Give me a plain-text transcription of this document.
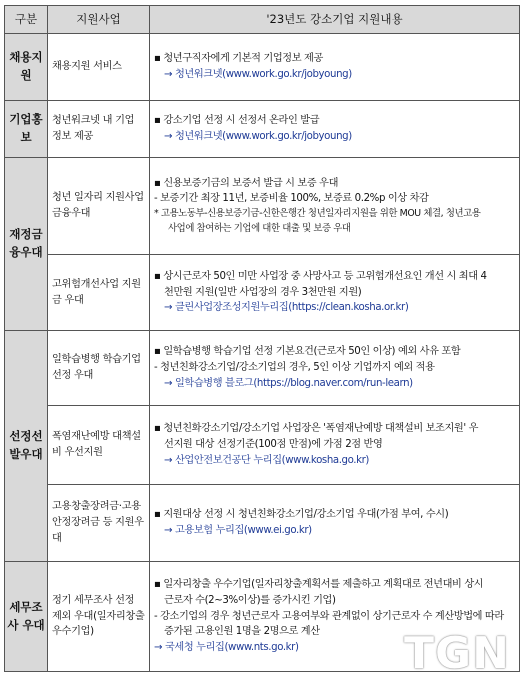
구분	지원사업	'23년도 강소기업 지원내용
채용지원	채용지원 서비스	▪ 청년구직자에게 기본적 기업정보 제공
→ 청년워크넷(www.work.go.kr/jobyoung)

기업홍보	청년워크넷 내 기업 정보 제공	▪ 강소기업 선정 시 선정서 온라인 발급
→ 청년워크넷(www.work.go.kr/jobyoung)

재정금융우대	청년 일자리 지원사업 금융우대	▪ 신용보증기금의 보증서 발급 시 보증 우대
- 보증기간 최장 11년, 보증비율 100%, 보증료 0.2%p 이상 차감
* 고용노동부-신용보증기금-신한은행간 청년일자리지원을 위한 MOU 체결, 청년고용
사업에 참여하는 기업에 대한 대출 및 보증 우대

	고위험개선사업 지원금 우대	▪ 상시근로자 50인 미만 사업장 중 사망사고 등 고위험개선요인 개선 시 최대 4
천만원 지원(일반 사업장의 경우 3천만원 지원)
→ 클린사업장조성지원누리집(https://clean.kosha.or.kr)

선정선발우대	일학습병행 학습기업 선정 우대	▪ 일학습병행 학습기업 선정 기본요건(근로자 50인 이상) 예외 사유 포함
- 청년친화강소기업/강소기업의 경우, 5인 이상 기업까지 예외 적용
→ 일학습병행 블로그(https://blog.naver.com/run-learn)

	폭염재난예방 대책설비 우선지원	▪ 청년친화강소기업/강소기업 사업장은 '폭염재난예방 대책설비 보조지원' 우
선지원 대상 선정기준(100점 만점)에 가점 2점 반영
→ 산업안전보건공단 누리집(www.kosha.go.kr)

	고용창출장려금·고용안정장려금 등 지원우대	▪ 지원대상 선정 시 청년친화강소기업/강소기업 우대(가점 부여, 수시)
→ 고용보험 누리집(www.ei.go.kr)

세무조사 우대	정기 세무조사 선정 제외 우대(일자리창출 우수기업)	▪ 일자리창출 우수기업(일자리창출계획서를 제출하고 계획대로 전년대비 상시
근로자 수(2~3%이상)를 증가시킨 기업)
- 강소기업의 경우 청년근로자 고용여부와 관계없이 상기근로자 수 계산방법에 따라
증가된 고용인원 1명을 2명으로 계산
→ 국세청 누리집(www.nts.go.kr)	TGN
